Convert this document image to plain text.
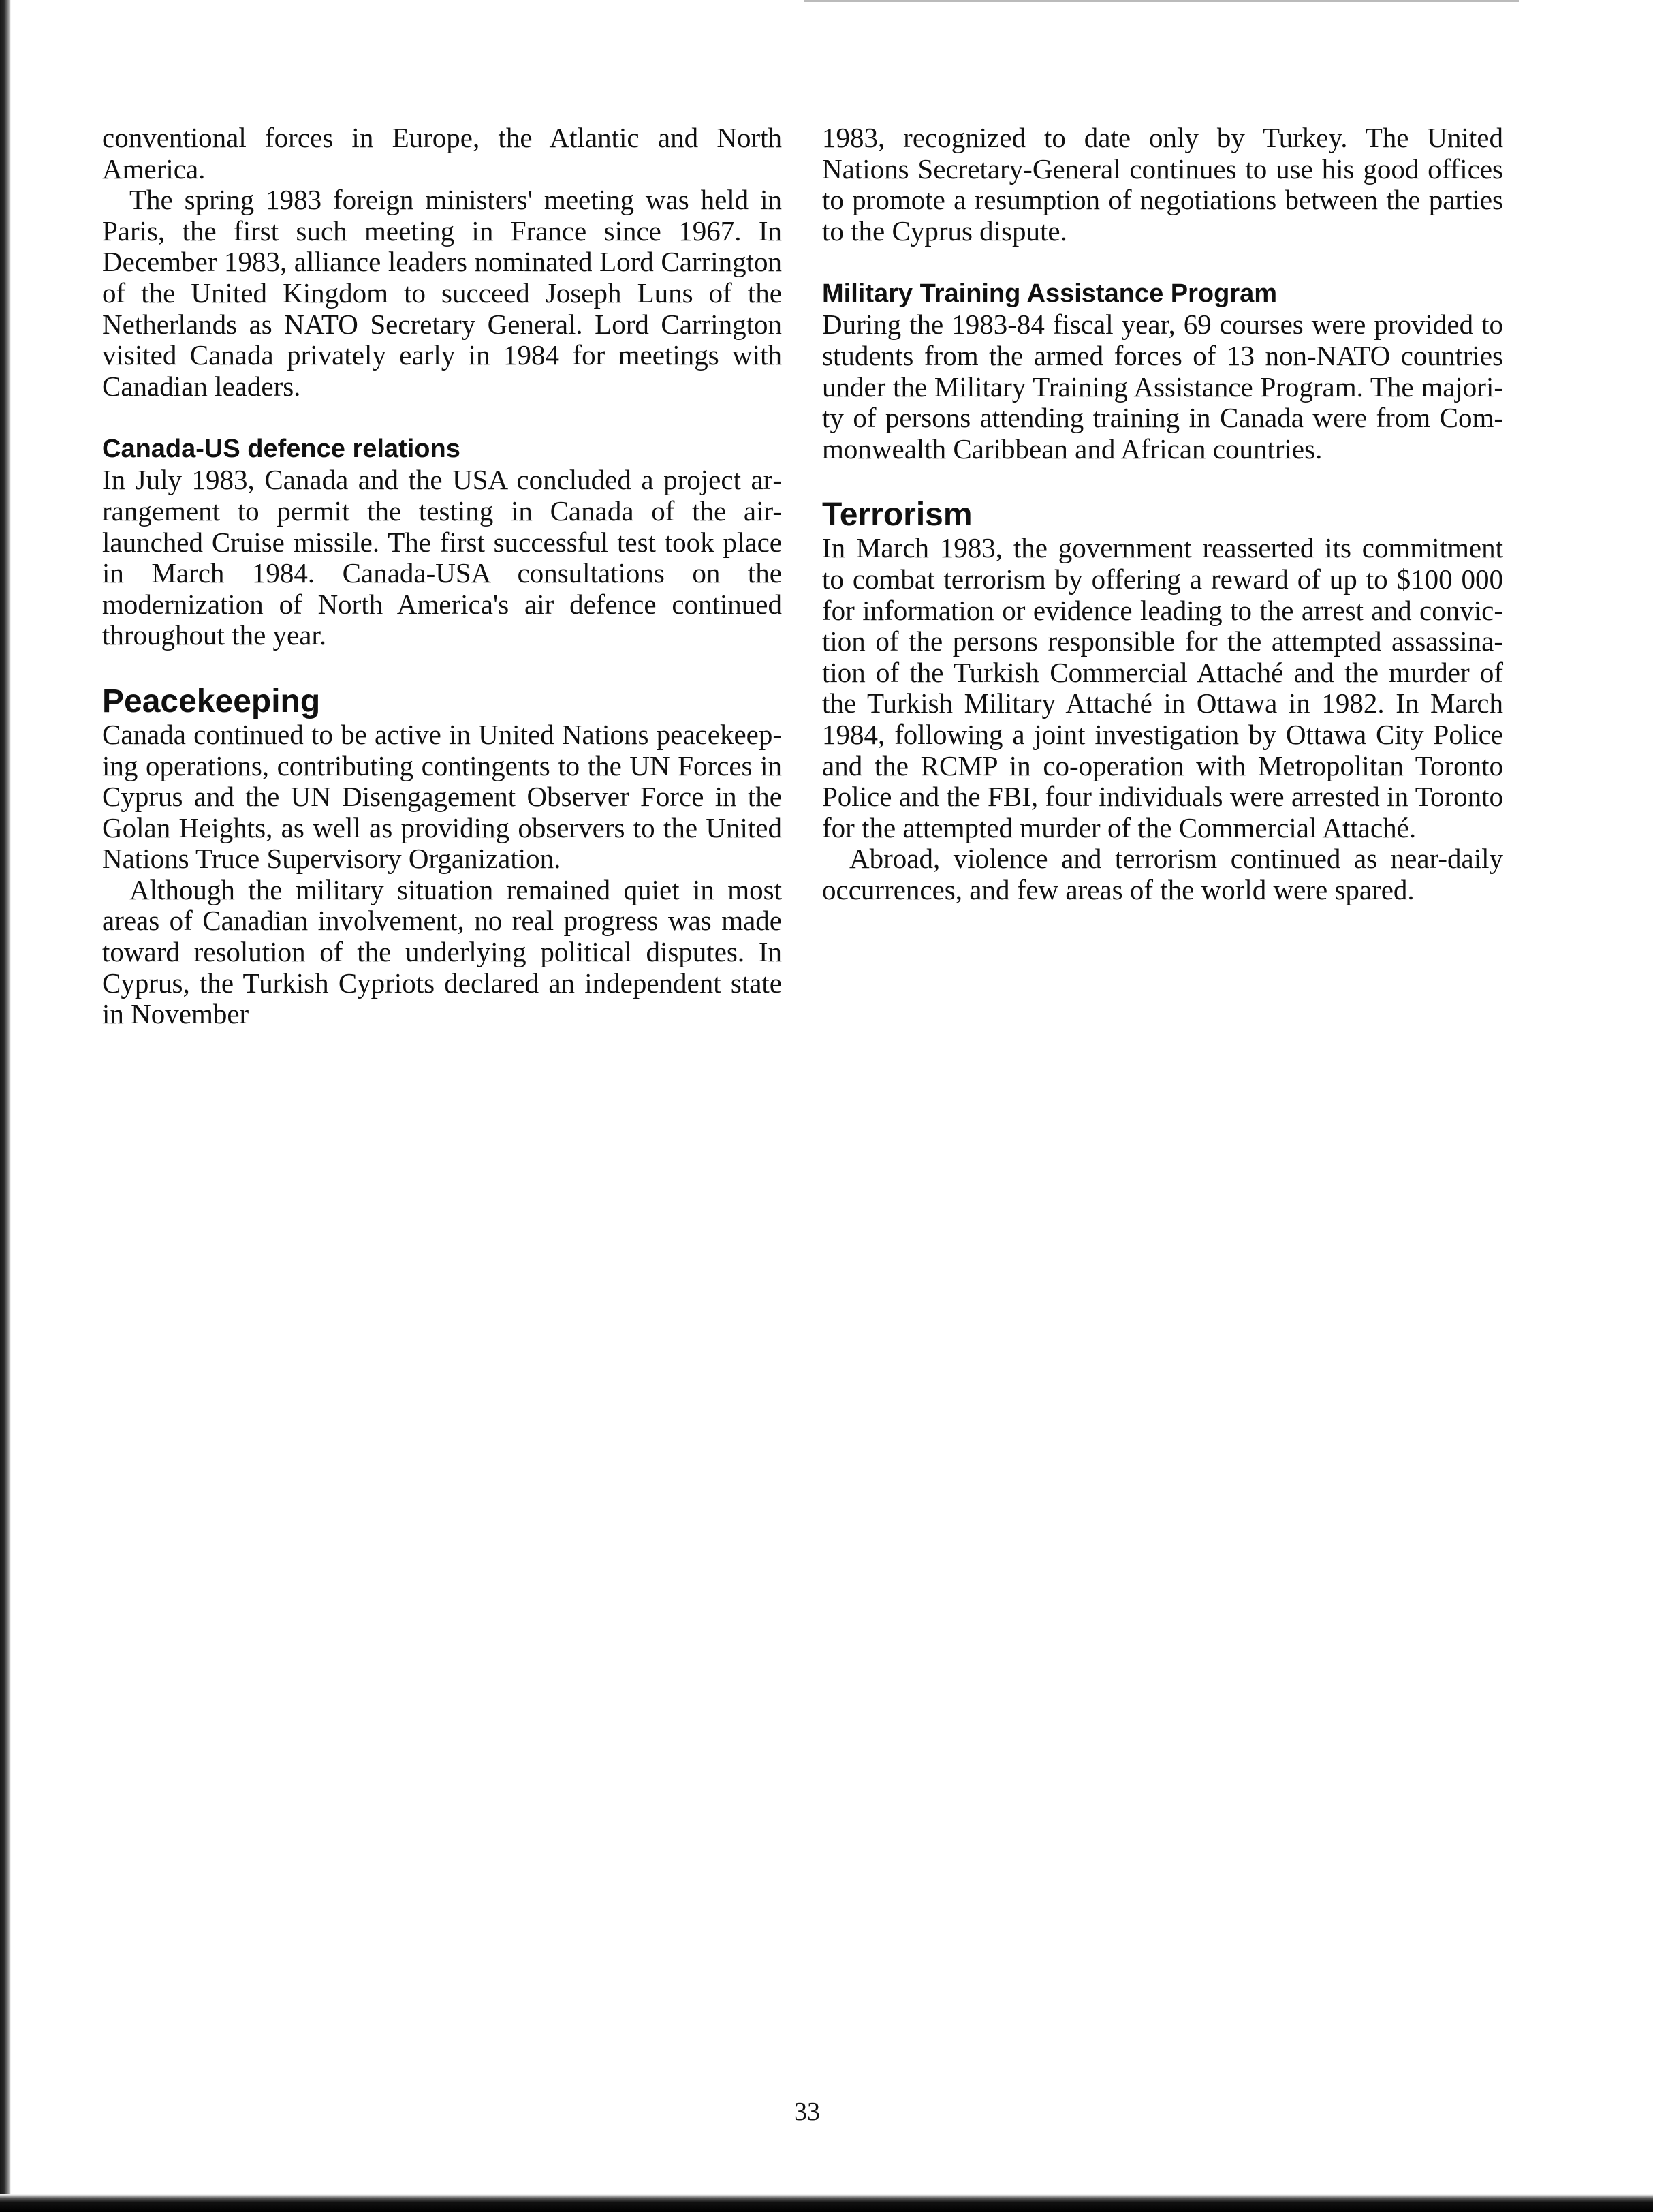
conventional forces in Europe, the Atlantic and North America.

The spring 1983 foreign ministers' meeting was held in Paris, the first such meeting in France since 1967. In December 1983, alliance leaders nominated Lord Carrington of the United Kingdom to succeed Joseph Luns of the Netherlands as NATO Secretary General. Lord Carrington visited Canada privately early in 1984 for meetings with Canadian leaders.

Canada-US defence relations

In July 1983, Canada and the USA concluded a project arrangement to permit the testing in Canada of the air-launched Cruise missile. The first successful test took place in March 1984. Canada-USA consultations on the modernization of North America's air defence continued throughout the year.

Peacekeeping

Canada continued to be active in United Nations peacekeeping operations, contributing contingents to the UN Forces in Cyprus and the UN Disengagement Observer Force in the Golan Heights, as well as providing observers to the United Nations Truce Supervisory Organization.

Although the military situation remained quiet in most areas of Canadian involvement, no real progress was made toward resolution of the underlying political disputes. In Cyprus, the Turkish Cypriots declared an independent state in November

1983, recognized to date only by Turkey. The United Nations Secretary-General continues to use his good offices to promote a resumption of negotiations between the parties to the Cyprus dispute.

Military Training Assistance Program

During the 1983-84 fiscal year, 69 courses were provided to students from the armed forces of 13 non-NATO countries under the Military Training Assistance Program. The majority of persons attending training in Canada were from Commonwealth Caribbean and African countries.

Terrorism

In March 1983, the government reasserted its commitment to combat terrorism by offering a reward of up to $100 000 for information or evidence leading to the arrest and conviction of the persons responsible for the attempted assassination of the Turkish Commercial Attaché and the murder of the Turkish Military Attaché in Ottawa in 1982. In March 1984, following a joint investigation by Ottawa City Police and the RCMP in co-operation with Metropolitan Toronto Police and the FBI, four individuals were arrested in Toronto for the attempted murder of the Commercial Attaché.

Abroad, violence and terrorism continued as near-daily occurrences, and few areas of the world were spared.

33
